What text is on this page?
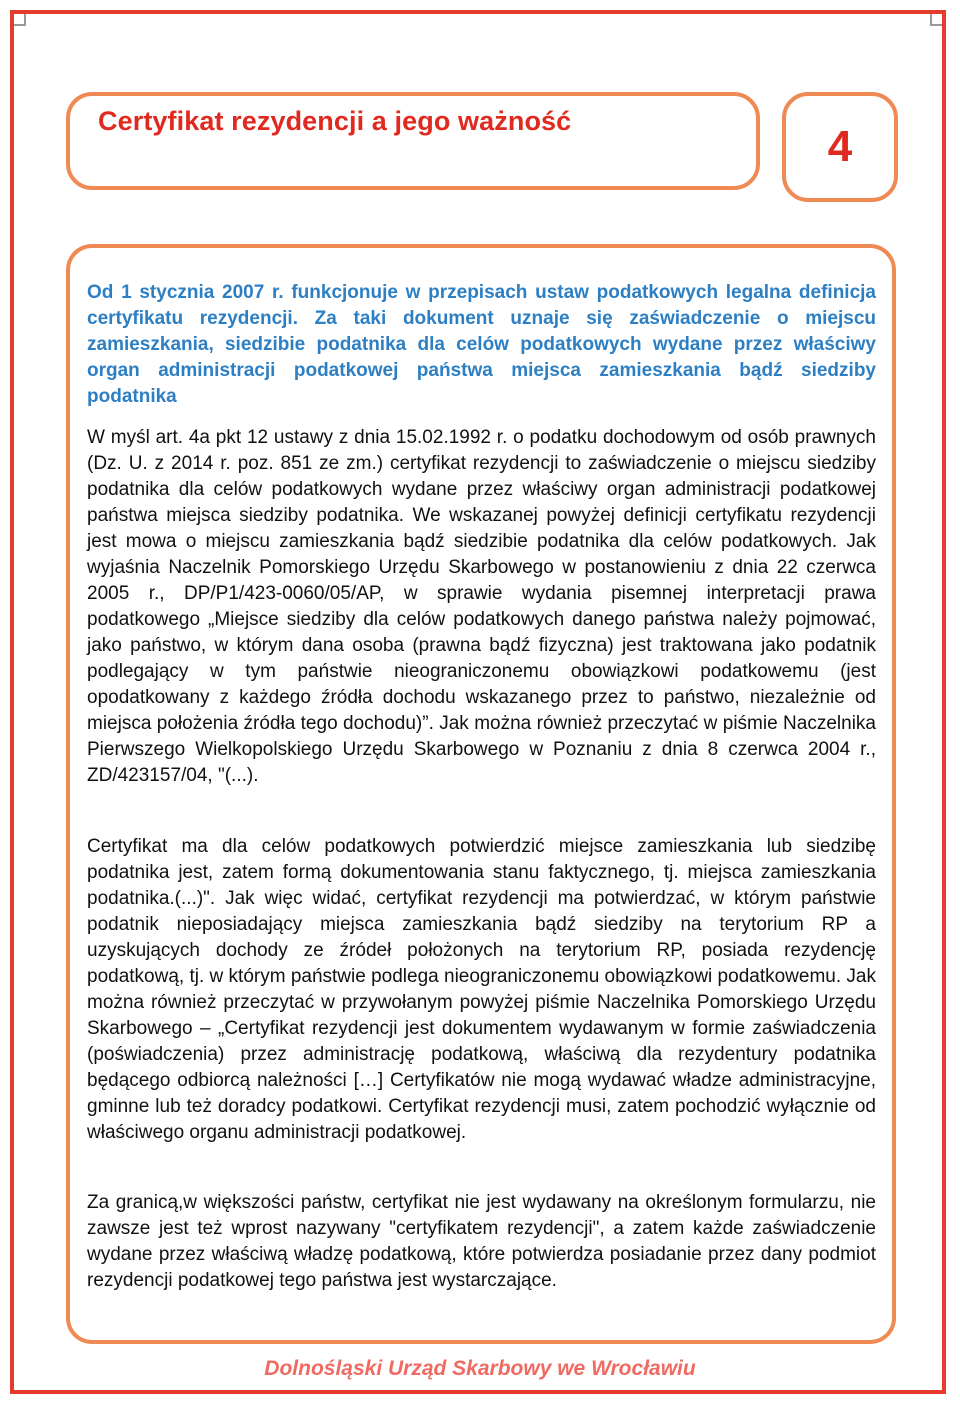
Certyfikat rezydencji a jego ważność
4

Od 1 stycznia 2007 r. funkcjonuje w przepisach ustaw podatkowych legalna definicja certyfikatu rezydencji. Za taki dokument uznaje się zaświadczenie o miejscu zamieszkania, siedzibie podatnika dla celów podatkowych wydane przez właściwy organ administracji podatkowej państwa miejsca zamieszkania bądź siedziby podatnika

W myśl art. 4a pkt 12 ustawy z dnia 15.02.1992 r. o podatku dochodowym od osób prawnych (Dz. U. z 2014 r. poz. 851 ze zm.) certyfikat rezydencji to zaświadczenie o miejscu siedziby podatnika dla celów podatkowych wydane przez właściwy organ administracji podatkowej państwa miejsca siedziby podatnika. We wskazanej powyżej definicji certyfikatu rezydencji jest mowa o miejscu zamieszkania bądź siedzibie podatnika dla celów podatkowych. Jak wyjaśnia Naczelnik Pomorskiego Urzędu Skarbowego w postanowieniu z dnia 22 czerwca 2005 r., DP/P1/423-0060/05/AP, w sprawie wydania pisemnej interpretacji prawa podatkowego „Miejsce siedziby dla celów podatkowych danego państwa należy pojmować, jako państwo, w którym dana osoba (prawna bądź fizyczna) jest traktowana jako podatnik podlegający w tym państwie nieograniczonemu obowiązkowi podatkowemu (jest opodatkowany z każdego źródła dochodu wskazanego przez to państwo, niezależnie od miejsca położenia źródła tego dochodu)”. Jak można również przeczytać w piśmie Naczelnika Pierwszego Wielkopolskiego Urzędu Skarbowego w Poznaniu z dnia 8 czerwca 2004 r., ZD/423157/04, "(...).

Certyfikat ma dla celów podatkowych potwierdzić miejsce zamieszkania lub siedzibę podatnika jest, zatem formą dokumentowania stanu faktycznego, tj. miejsca zamieszkania podatnika.(...)". Jak więc widać, certyfikat rezydencji ma potwierdzać, w którym państwie podatnik nieposiadający miejsca zamieszkania bądź siedziby na terytorium RP a uzyskujących dochody ze źródeł położonych na terytorium RP, posiada rezydencję podatkową, tj. w którym państwie podlega nieograniczonemu obowiązkowi podatkowemu. Jak można również przeczytać w przywołanym powyżej piśmie Naczelnika Pomorskiego Urzędu Skarbowego – „Certyfikat rezydencji jest dokumentem wydawanym w formie zaświadczenia (poświadczenia) przez administrację podatkową, właściwą dla rezydentury podatnika będącego odbiorcą należności […] Certyfikatów nie mogą wydawać władze administracyjne, gminne lub też doradcy podatkowi. Certyfikat rezydencji musi, zatem pochodzić wyłącznie od właściwego organu administracji podatkowej.

Za granicą,w większości państw, certyfikat nie jest wydawany na określonym formularzu, nie zawsze jest też wprost nazywany "certyfikatem rezydencji", a zatem każde zaświadczenie wydane przez właściwą władzę podatkową, które potwierdza posiadanie przez dany podmiot rezydencji podatkowej tego państwa jest wystarczające.

Dolnośląski Urząd Skarbowy we Wrocławiu
